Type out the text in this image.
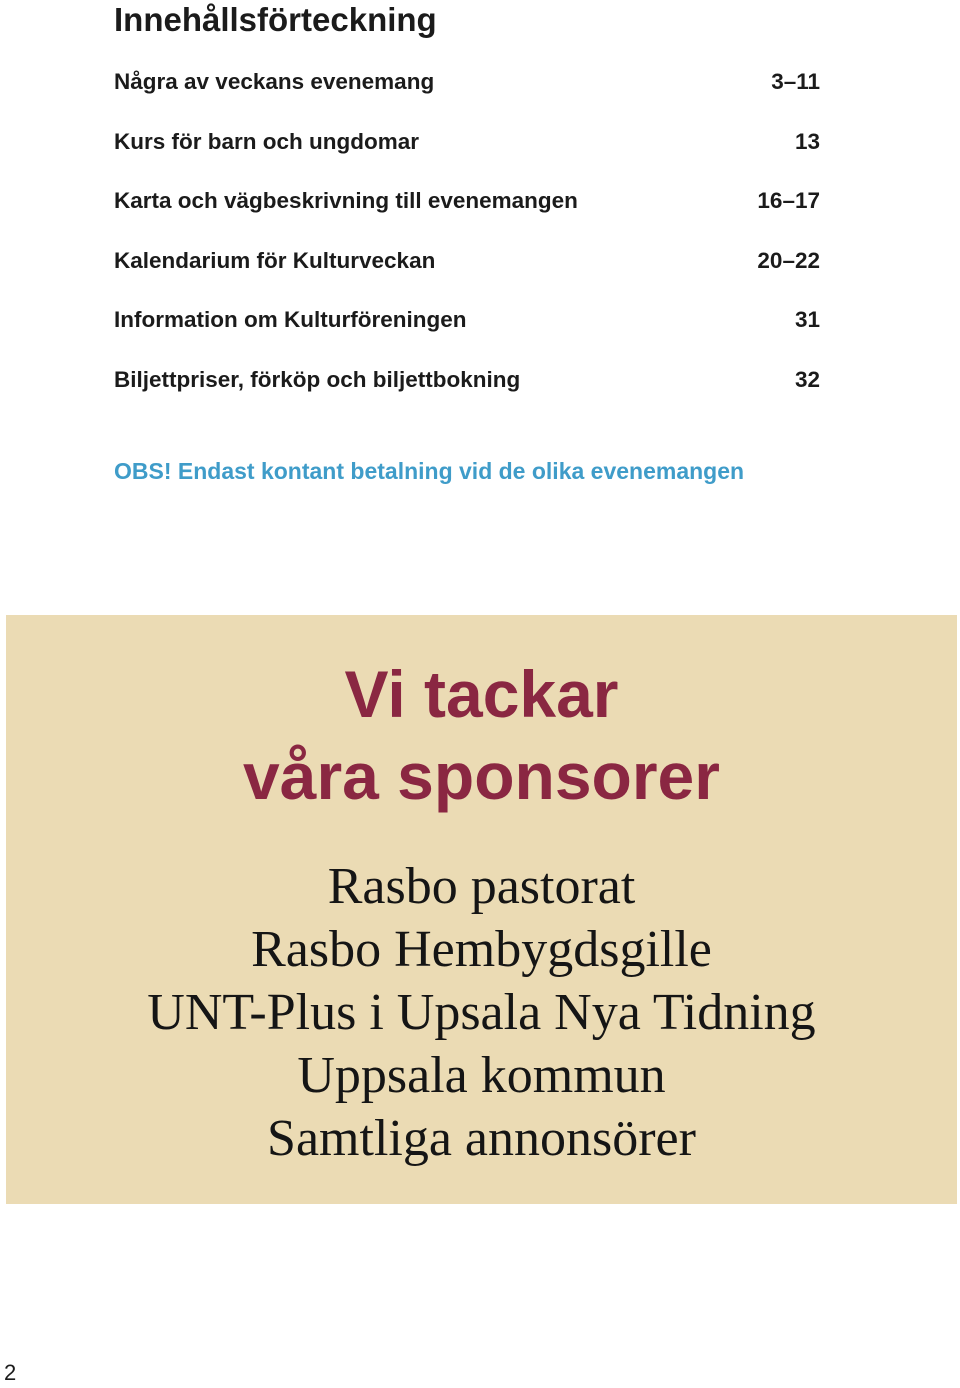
Innehållsförteckning
Några av veckans evenemang	3–11
Kurs för barn och ungdomar	13
Karta och vägbeskrivning till evenemangen	16–17
Kalendarium för Kulturveckan	20–22
Information om Kulturföreningen	31
Biljettpriser, förköp och biljettbokning	32
OBS! Endast kontant betalning vid de olika evenemangen
Vi tackar
våra sponsorer
Rasbo pastorat
Rasbo Hembygdsgille
UNT-Plus i Upsala Nya Tidning
Uppsala kommun
Samtliga annonsörer
2
